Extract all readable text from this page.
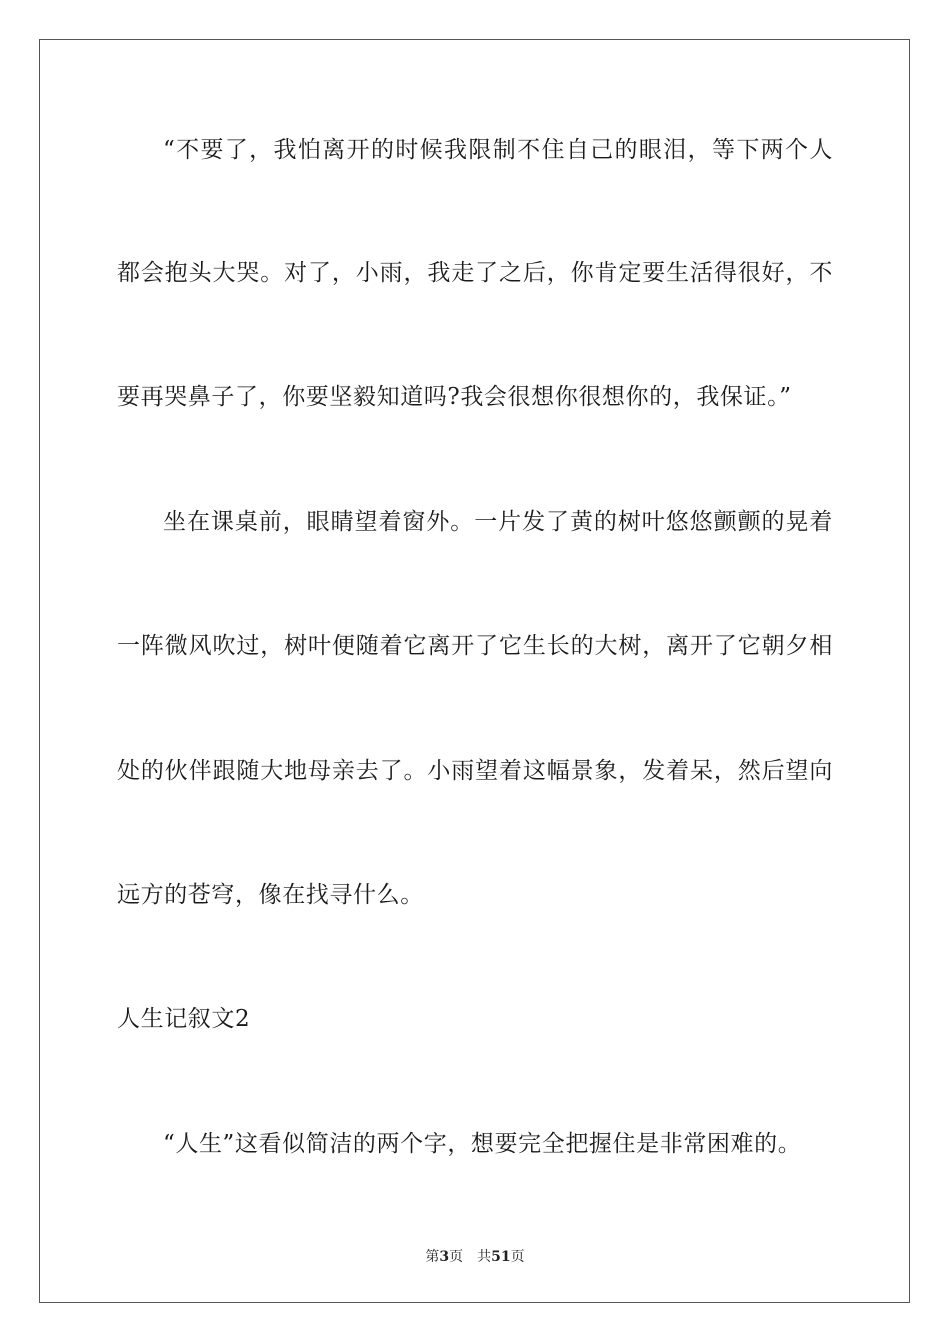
“不要了，我怕离开的时候我限制不住自己的眼泪，等下两个人
都会抱头大哭。对了，小雨，我走了之后，你肯定要生活得很好，不
要再哭鼻子了，你要坚毅知道吗?我会很想你很想你的，我保证。”
坐在课桌前，眼睛望着窗外。一片发了黄的树叶悠悠颤颤的晃着
一阵微风吹过，树叶便随着它离开了它生长的大树，离开了它朝夕相
处的伙伴跟随大地母亲去了。小雨望着这幅景象，发着呆，然后望向
远方的苍穹，像在找寻什么。
人生记叙文2
“人生”这看似简洁的两个字，想要完全把握住是非常困难的。
第3页 共51页
